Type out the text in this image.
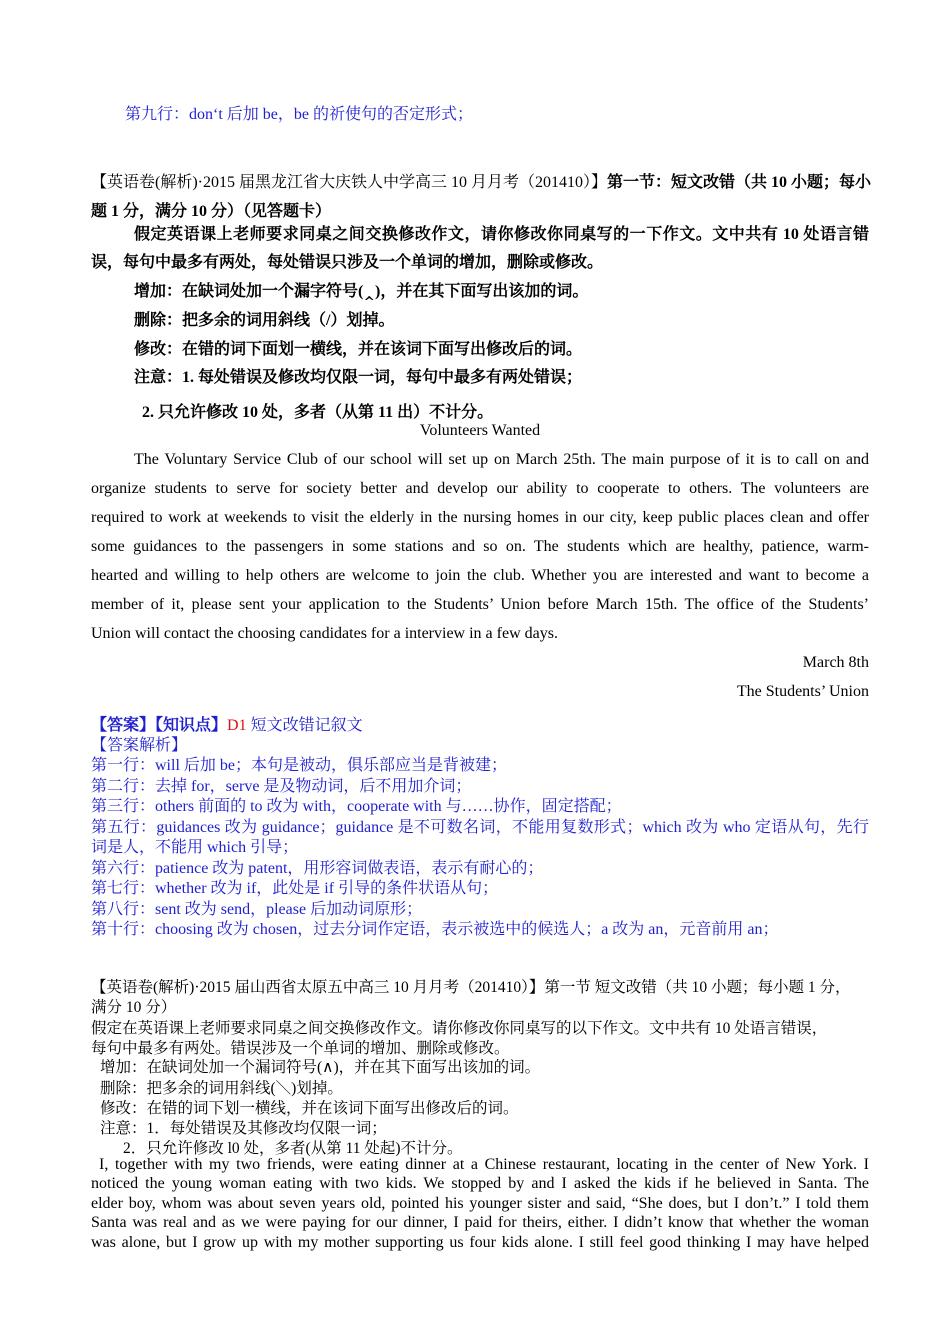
第九行：don‘t 后加 be，be 的祈使句的否定形式；
【英语卷(解析)·2015 届黑龙江省大庆铁人中学高三 10 月月考（201410）】第一节：短文改错（共 10 小题；每小
题 1 分，满分 10 分）（见答题卡）
假定英语课上老师要求同桌之间交换修改作文，请你修改你同桌写的一下作文。文中共有 10 处语言错
误，每句中最多有两处，每处错误只涉及一个单词的增加，删除或修改。
增加：在缺词处加一个漏字符号(‸)，并在其下面写出该加的词。
删除：把多余的词用斜线（/）划掉。
修改：在错的词下面划一横线，并在该词下面写出修改后的词。
注意：1. 每处错误及修改均仅限一词，每句中最多有两处错误；
2. 只允许修改 10 处，多者（从第 11 出）不计分。
Volunteers Wanted
The Voluntary Service Club of our school will set up on March 25th. The main purpose of it is to call on and
organize students to serve for society better and develop our ability to cooperate to others. The volunteers are
required to work at weekends to visit the elderly in the nursing homes in our city, keep public places clean and offer
some guidances to the passengers in some stations and so on. The students which are healthy, patience, warm-
hearted and willing to help others are welcome to join the club. Whether you are interested and want to become a
member of it, please sent your application to the Students’ Union before March 15th. The office of the Students’
Union will contact the choosing candidates for a interview in a few days.
March 8th
The Students’ Union
【答案】【知识点】D1 短文改错记叙文
【答案解析】
第一行：will 后加 be；本句是被动，俱乐部应当是背被建；
第二行：去掉 for，serve 是及物动词，后不用加介词；
第三行：others 前面的 to 改为 with，cooperate with 与……协作，固定搭配；
第五行：guidances 改为 guidance；guidance 是不可数名词，不能用复数形式；which 改为 who 定语从句，先行
词是人，不能用 which 引导；
第六行：patience 改为 patent，用形容词做表语，表示有耐心的；
第七行：whether 改为 if，此处是 if 引导的条件状语从句；
第八行：sent 改为 send，please 后加动词原形；
第十行：choosing 改为 chosen，过去分词作定语，表示被选中的候选人；a 改为 an，元音前用 an；
【英语卷(解析)·2015 届山西省太原五中高三 10 月月考（201410）】第一节 短文改错（共 10 小题；每小题 1 分，
满分 10 分）
假定在英语课上老师要求同桌之间交换修改作文。请你修改你同桌写的以下作文。文中共有 10 处语言错误，
每句中最多有两处。错误涉及一个单词的增加、删除或修改。
增加：在缺词处加一个漏词符号(∧)，并在其下面写出该加的词。
删除：把多余的词用斜线(＼)划掉。
修改：在错的词下划一横线，并在该词下面写出修改后的词。
注意：1．每处错误及其修改均仅限一词；
2．只允许修改 l0 处，多者(从第 11 处起)不计分。
I, together with my two friends, were eating dinner at a Chinese restaurant, locating in the center of New York. I
noticed the young woman eating with two kids. We stopped by and I asked the kids if he believed in Santa. The
elder boy, whom was about seven years old, pointed his younger sister and said, “She does, but I don’t.” I told them
Santa was real and as we were paying for our dinner, I paid for theirs, either. I didn’t know that whether the woman
was alone, but I grow up with my mother supporting us four kids alone. I still feel good thinking I may have helped
